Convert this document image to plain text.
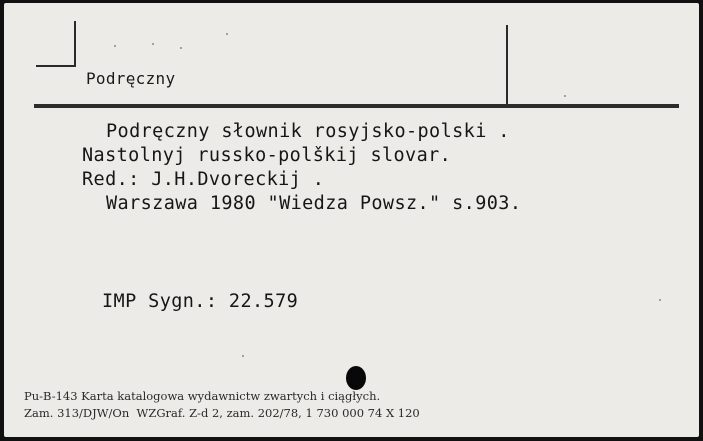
Podręczny
Podręczny słownik rosyjsko-polski .
Nastolnyj russko-polškij slovar.
Red.: J.H.Dvoreckij .
Warszawa 1980 "Wiedza Powsz." s.903.
IMP Sygn.: 22.579
Pu-B-143 Karta katalogowa wydawnictw zwartych i ciągłych.
Zam. 313/DJW/On  WZGraf. Z-d 2, zam. 202/78, 1 730 000 74 X 120
